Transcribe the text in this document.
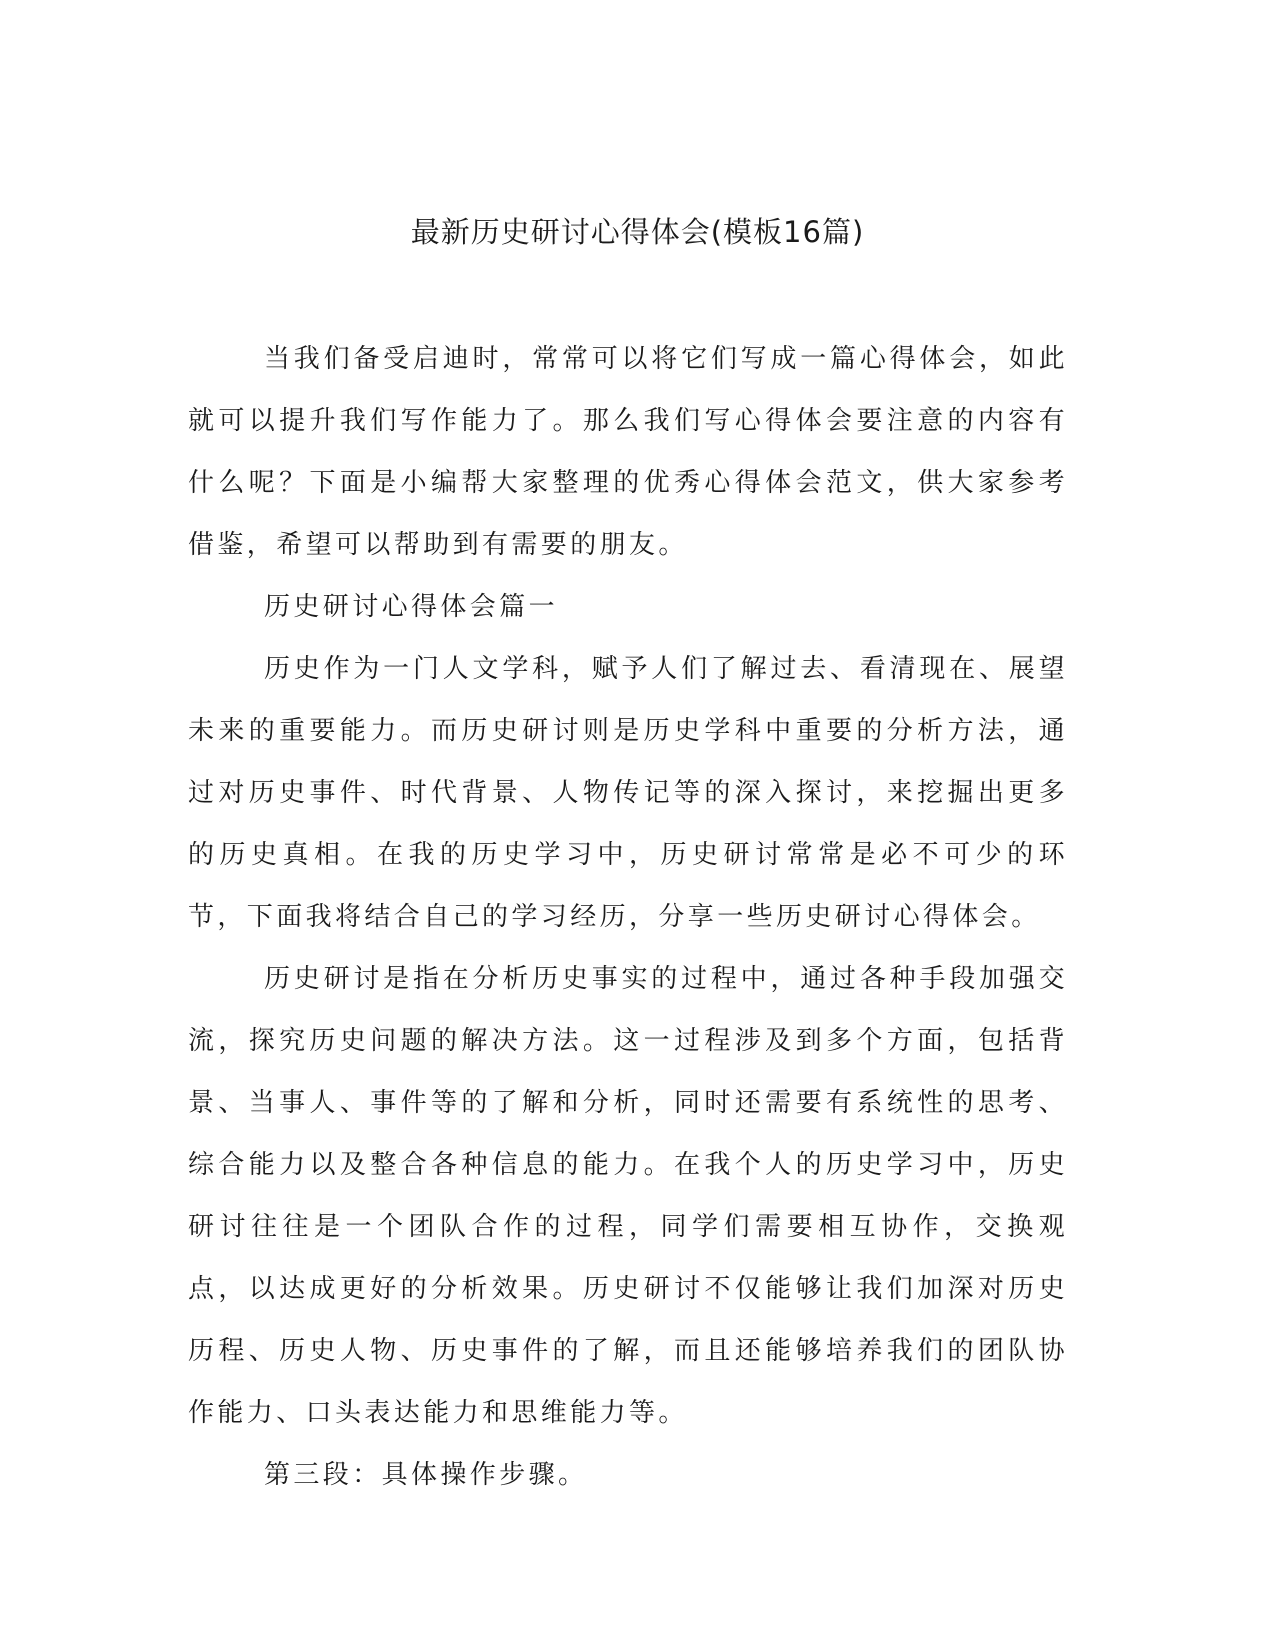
最新历史研讨心得体会(模板16篇)

当我们备受启迪时，常常可以将它们写成一篇心得体会，如此就可以提升我们写作能力了。那么我们写心得体会要注意的内容有什么呢？下面是小编帮大家整理的优秀心得体会范文，供大家参考借鉴，希望可以帮助到有需要的朋友。

历史研讨心得体会篇一

历史作为一门人文学科，赋予人们了解过去、看清现在、展望未来的重要能力。而历史研讨则是历史学科中重要的分析方法，通过对历史事件、时代背景、人物传记等的深入探讨，来挖掘出更多的历史真相。在我的历史学习中，历史研讨常常是必不可少的环节，下面我将结合自己的学习经历，分享一些历史研讨心得体会。

历史研讨是指在分析历史事实的过程中，通过各种手段加强交流，探究历史问题的解决方法。这一过程涉及到多个方面，包括背景、当事人、事件等的了解和分析，同时还需要有系统性的思考、综合能力以及整合各种信息的能力。在我个人的历史学习中，历史研讨往往是一个团队合作的过程，同学们需要相互协作，交换观点，以达成更好的分析效果。历史研讨不仅能够让我们加深对历史历程、历史人物、历史事件的了解，而且还能够培养我们的团队协作能力、口头表达能力和思维能力等。

第三段：具体操作步骤。
